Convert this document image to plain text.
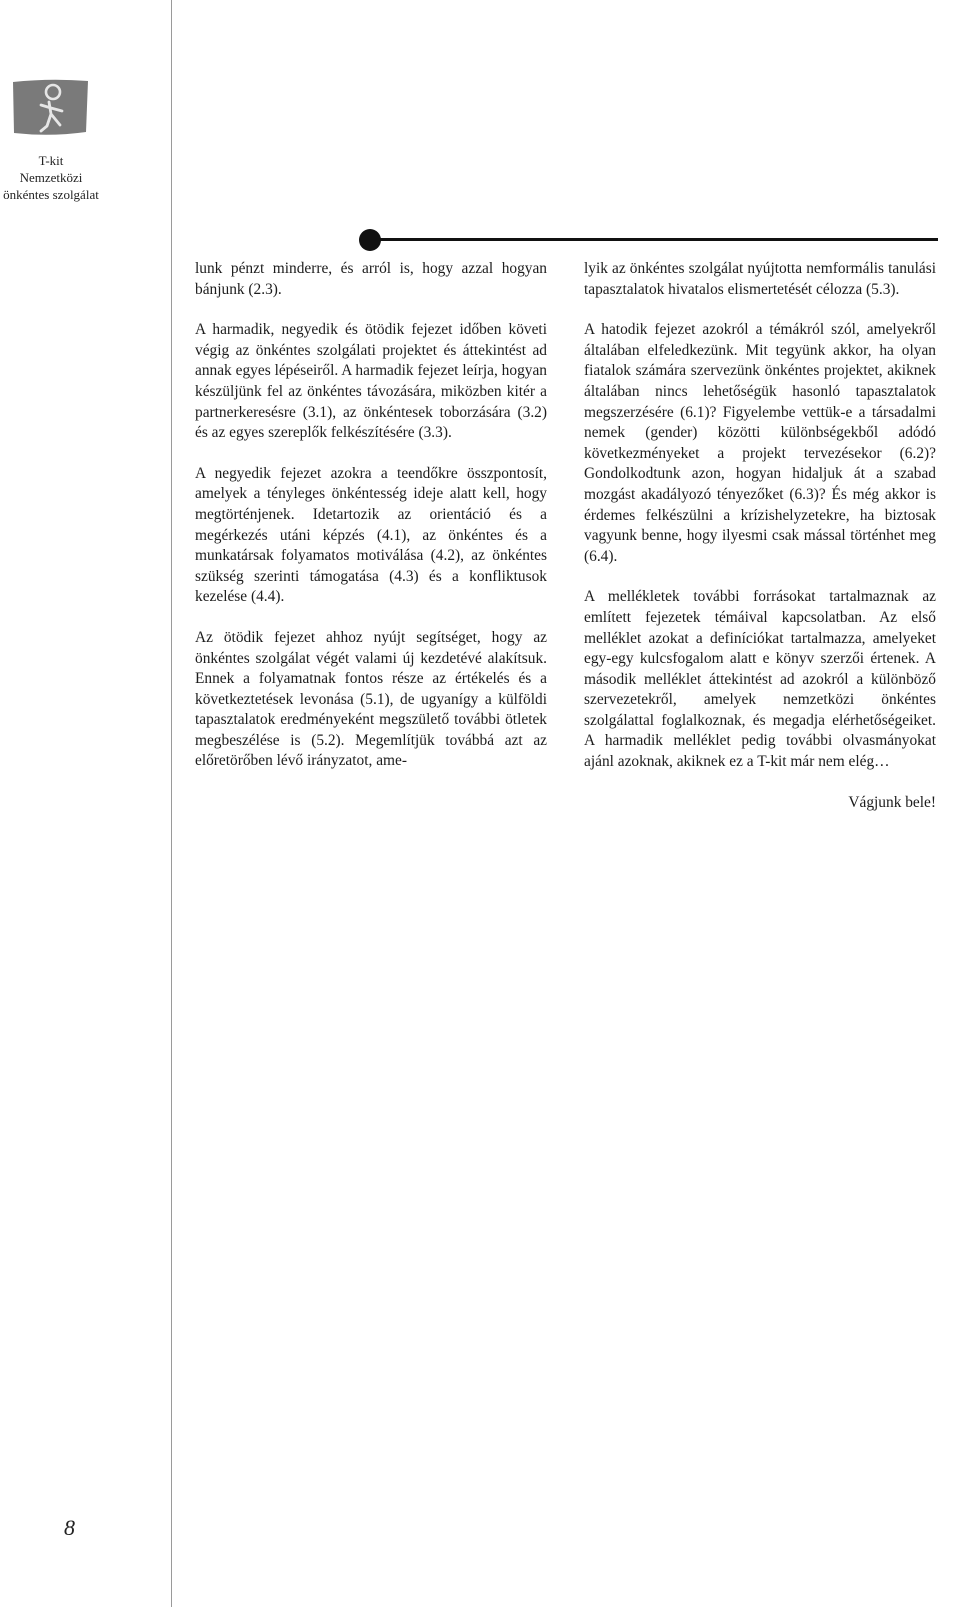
T-kit
Nemzetközi
önkéntes szolgálat

lunk pénzt minderre, és arról is, hogy azzal hogyan bánjunk (2.3).

A harmadik, negyedik és ötödik fejezet időben követi végig az önkéntes szolgálati projektet és áttekintést ad annak egyes lépéseiről. A harmadik fejezet leírja, hogyan készüljünk fel az önkéntes távozására, miközben kitér a partnerkeresésre (3.1), az önkéntesek toborzására (3.2) és az egyes szereplők felkészítésére (3.3).

A negyedik fejezet azokra a teendőkre összpontosít, amelyek a tényleges önkéntesség ideje alatt kell, hogy megtörténjenek. Idetartozik az orientáció és a megérkezés utáni képzés (4.1), az önkéntes és a munkatársak folyamatos motiválása (4.2), az önkéntes szükség szerinti támogatása (4.3) és a konfliktusok kezelése (4.4).

Az ötödik fejezet ahhoz nyújt segítséget, hogy az önkéntes szolgálat végét valami új kezdetévé alakítsuk. Ennek a folyamatnak fontos része az értékelés és a következtetések levonása (5.1), de ugyanígy a külföldi tapasztalatok eredményeként megszülető további ötletek megbeszélése is (5.2). Megemlítjük továbbá azt az előretörőben lévő irányzatot, ame-

lyik az önkéntes szolgálat nyújtotta nemformális tanulási tapasztalatok hivatalos elismertetését célozza (5.3).

A hatodik fejezet azokról a témákról szól, amelyekről általában elfeledkezünk. Mit tegyünk akkor, ha olyan fiatalok számára szervezünk önkéntes projektet, akiknek általában nincs lehetőségük hasonló tapasztalatok megszerzésére (6.1)? Figyelembe vettük-e a társadalmi nemek (gender) közötti különbségekből adódó következményeket a projekt tervezésekor (6.2)? Gondolkodtunk azon, hogyan hidaljuk át a szabad mozgást akadályozó tényezőket (6.3)? És még akkor is érdemes felkészülni a krízishelyzetekre, ha biztosak vagyunk benne, hogy ilyesmi csak mással történhet meg (6.4).

A mellékletek további forrásokat tartalmaznak az említett fejezetek témáival kapcsolatban. Az első melléklet azokat a definíciókat tartalmazza, amelyeket egy-egy kulcsfogalom alatt e könyv szerzői értenek. A második melléklet áttekintést ad azokról a különböző szervezetekről, amelyek nemzetközi önkéntes szolgálattal foglalkoznak, és megadja elérhetőségeiket. A harmadik melléklet pedig további olvasmányokat ajánl azoknak, akiknek ez a T-kit már nem elég…

Vágjunk bele!

8
